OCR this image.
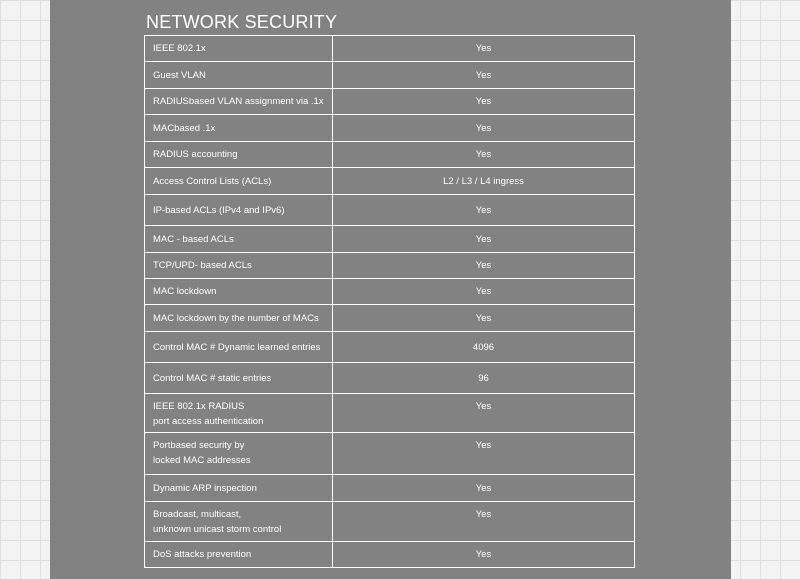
NETWORK SECURITY
IEEE 802.1x	Yes
Guest VLAN	Yes
RADIUSbased VLAN assignment via .1x	Yes
MACbased .1x	Yes
RADIUS accounting	Yes
Access Control Lists (ACLs)	L2 / L3 / L4 ingress
IP-based ACLs (IPv4 and IPv6)	Yes
MAC - based ACLs	Yes
TCP/UPD- based ACLs	Yes
MAC lockdown	Yes
MAC lockdown by the number of MACs	Yes
Control MAC # Dynamic learned entries	4096
Control MAC # static entries	96
IEEE 802.1x RADIUS
port access authentication	Yes
Portbased security by
locked MAC addresses	Yes
Dynamic ARP inspection	Yes
Broadcast, multicast,
unknown unicast storm control	Yes
DoS attacks prevention	Yes
